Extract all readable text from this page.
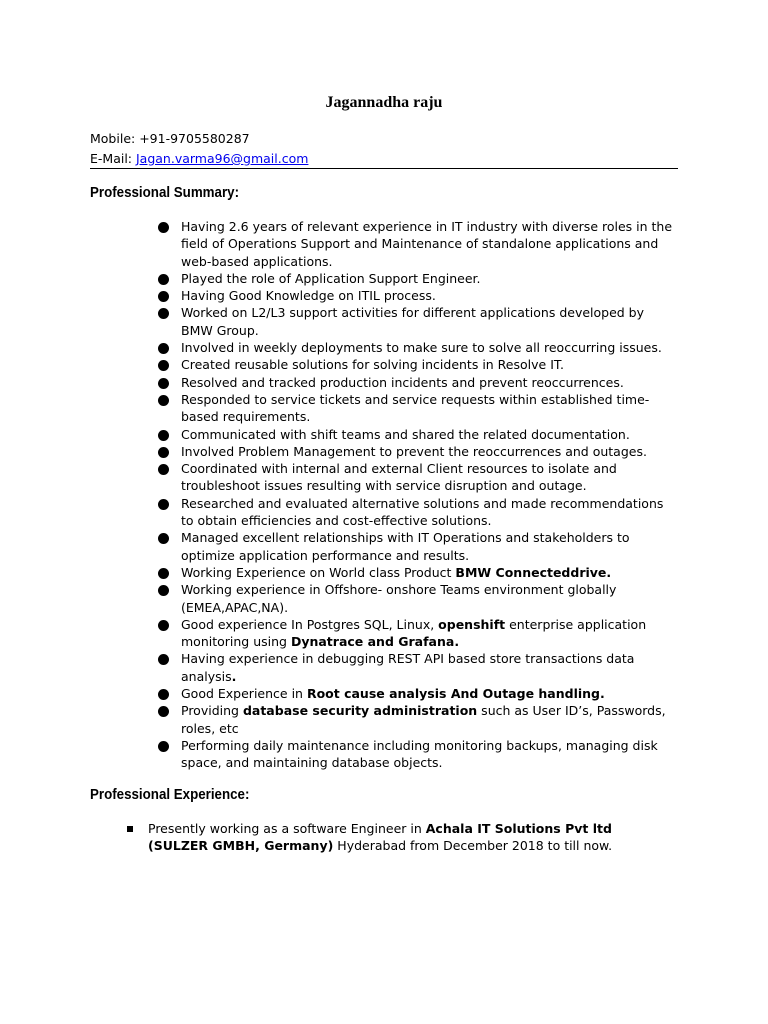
Jagannadha raju
Mobile: +91-9705580287
E-Mail: Jagan.varma96@gmail.com
Professional Summary:
Having 2.6 years of relevant experience in IT industry with diverse roles in the field of Operations Support and Maintenance of standalone applications and web-based applications.
Played the role of Application Support Engineer.
Having Good Knowledge on ITIL process.
Worked on L2/L3 support activities for different applications developed by BMW Group.
Involved in weekly deployments to make sure to solve all reoccurring issues.
Created reusable solutions for solving incidents in Resolve IT.
Resolved and tracked production incidents and prevent reoccurrences.
Responded to service tickets and service requests within established time-based requirements.
Communicated with shift teams and shared the related documentation.
Involved Problem Management to prevent the reoccurrences and outages.
Coordinated with internal and external Client resources to isolate and troubleshoot issues resulting with service disruption and outage.
Researched and evaluated alternative solutions and made recommendations to obtain efficiencies and cost-effective solutions.
Managed excellent relationships with IT Operations and stakeholders to optimize application performance and results.
Working Experience on World class Product BMW Connecteddrive.
Working experience in Offshore- onshore Teams environment globally (EMEA,APAC,NA).
Good experience In Postgres SQL, Linux, openshift enterprise application monitoring using Dynatrace and Grafana.
Having experience in debugging REST API based store transactions data analysis.
Good Experience in Root cause analysis And Outage handling.
Providing database security administration such as User ID’s, Passwords, roles, etc
Performing daily maintenance including monitoring backups, managing disk space, and maintaining database objects.
Professional Experience:
Presently working as a software Engineer in Achala IT Solutions Pvt ltd (SULZER GMBH, Germany) Hyderabad from December 2018 to till now.
